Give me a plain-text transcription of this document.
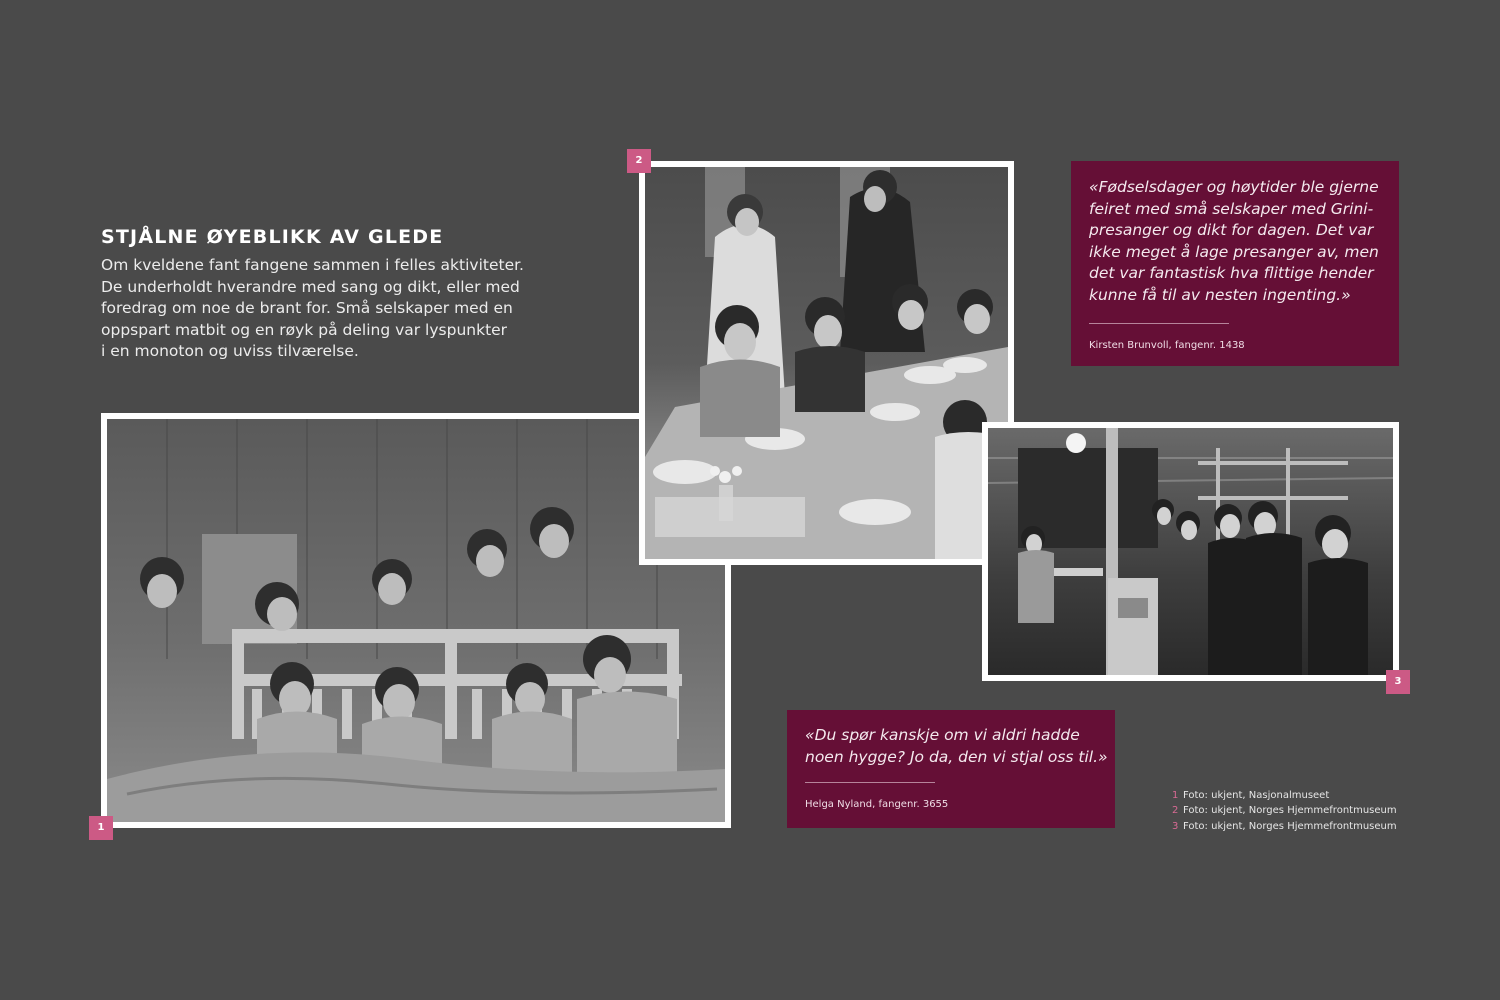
STJÅLNE ØYEBLIKK AV GLEDE
Om kveldene fant fangene sammen i felles aktiviteter.
De underholdt hverandre med sang og dikt, eller med
foredrag om noe de brant for. Små selskaper med en
oppspart matbit og en røyk på deling var lyspunkter
i en monoton og uviss tilværelse.
1
2
3
«Fødselsdager og høytider ble gjerne
feiret med små selskaper med Grini-
presanger og dikt for dagen. Det var
ikke meget å lage presanger av, men
det var fantastisk hva flittige hender
kunne få til av nesten ingenting.»
Kirsten Brunvoll, fangenr. 1438
«Du spør kanskje om vi aldri hadde
noen hygge? Jo da, den vi stjal oss til.»
Helga Nyland, fangenr. 3655
1 Foto: ukjent, Nasjonalmuseet
2 Foto: ukjent, Norges Hjemmefrontmuseum
3 Foto: ukjent, Norges Hjemmefrontmuseum
